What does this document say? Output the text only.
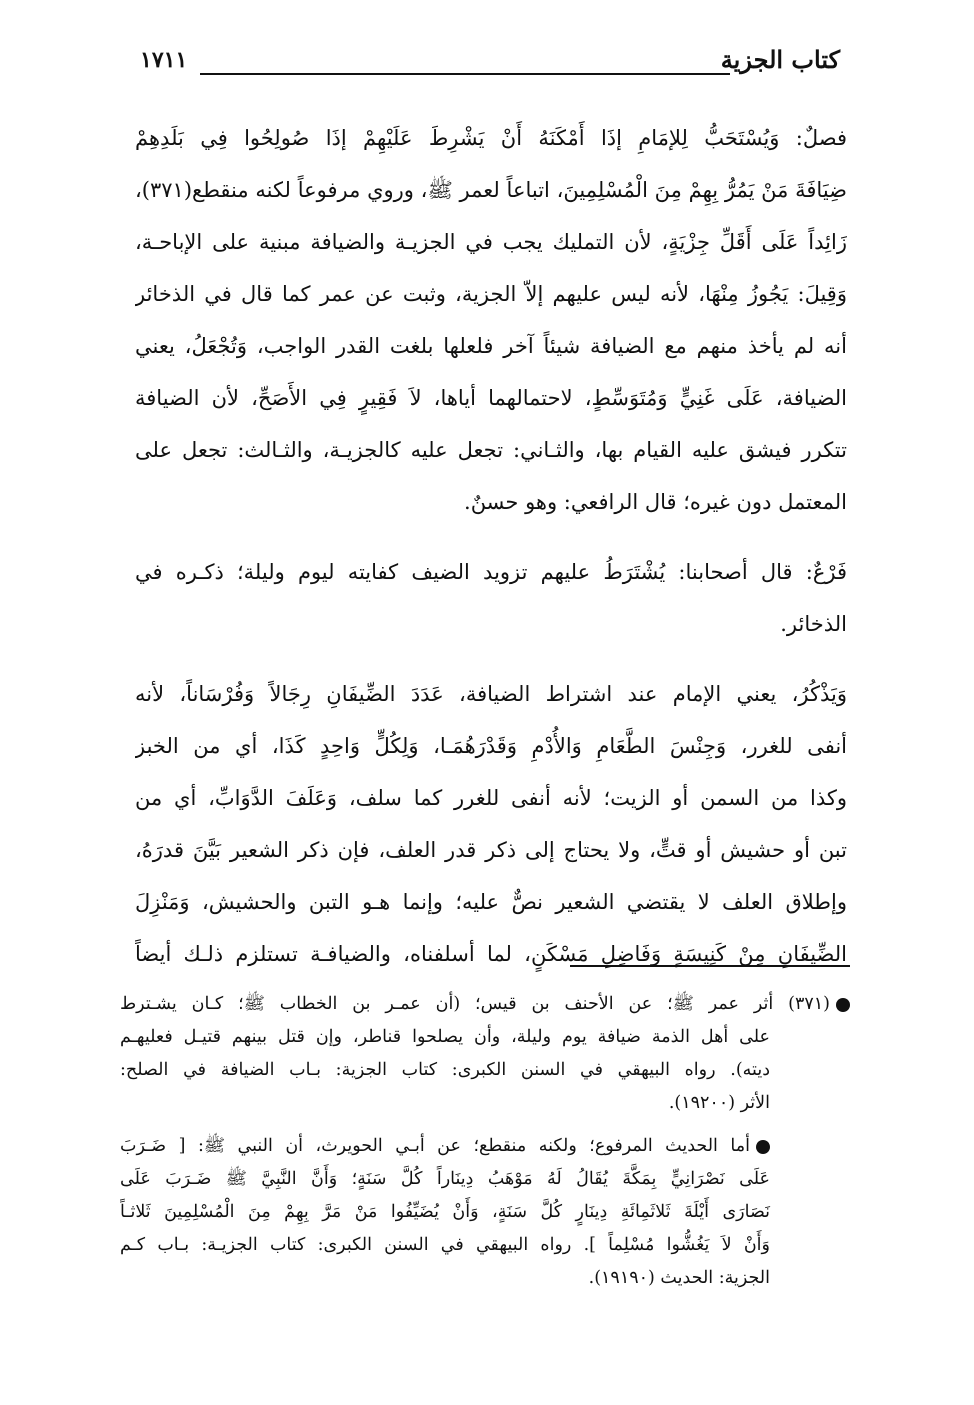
١٧١١	كتاب الجزية
فصلٌ: وَيُسْتَحَبُّ لِلإمَامِ إذَا أَمْكَنَهُ أَنْ يَشْرِطَ عَلَيْهِمْ إذَا صُولِحُوا فِي بَلَدِهِمْ
ضِيَافَةَ مَنْ يَمُرُّ بِهِمْ مِنَ الْمُسْلِمِينَ، اتباعاً لعمر ﷺ، وروي مرفوعاً لكنه منقطع(٣٧١)،
زَائِداً عَلَى أَقَلِّ جِزْيَةٍ، لأن التمليك يجب في الجزيـة والضيافة مبنية على الإباحـة،
وَقِيلَ: يَجُوزُ مِنْهَا، لأنه ليس عليهم إلاّ الجزية، وثبت عن عمر كما قال في الذخائر
أنه لم يأخذ منهم مع الضيافة شيئاً آخر فلعلها بلغت القدر الواجب، وَتُجْعَلُ، يعني
الضيافة، عَلَى غَنِيٍّ وَمُتَوَسِّطٍ، لاحتمالهما أياها، لاَ فَقِيرٍ فِي الأَصَحِّ، لأن الضيافة
تتكرر فيشق عليه القيام بها، والثـاني: تجعل عليه كالجزيـة، والثـالث: تجعل على
المعتمل دون غيره؛ قال الرافعي: وهو حسنٌ.
فَرْعٌ: قال أصحابنا: يُشْتَرَطُ عليهم تزويد الضيف كفايته ليوم وليلة؛ ذكـره في
الذخائر.
وَيَذْكُرُ، يعني الإمام عند اشتراط الضيافة، عَدَدَ الضِّيفَانِ رِجَالاً وَفُرْسَاناً، لأنه
أنفى للغرر، وَجِنْسَ الطَّعَامِ وَالأُدْمِ وَقَدْرَهُمَـا، وَلِكُلٍّ وَاحِدٍ كَذَا، أي من الخبز
وكذا من السمن أو الزيت؛ لأنه أنفى للغرر كما سلف، وَعَلَفَ الدَّوَابِّ، أي من
تبن أو حشيش أو قتٍّ، ولا يحتاج إلى ذكر قدر العلف، فإن ذكر الشعير بَيَّنَ قدرَهُ،
وإطلاق العلف لا يقتضي الشعير نصٌّ عليه؛ وإنما هـو التبن والحشيش، وَمَنْزِلَ
الضِّيفَانِ مِنْ كَنِيسَةٍ وَفَاضِلِ مَسْكَنٍ، لما أسلفناه، والضيافـة تستلزم ذلـك أيضاً
(٣٧١) أثر عمر ﷺ؛ عن الأحنف بن قيس؛ (أن عمـر بن الخطاب ﷺ؛ كـان يشـترط
على أهل الذمة ضيافة يوم وليلة، وأن يصلحوا قناطر، وإن قتل بينهم قتيـل فعليهـم
ديته). رواه البيهقي في السنن الكبرى: كتاب الجزية: بـاب الضيافة في الصلح:
الأثر (١٩٢٠٠).
أما الحديث المرفوع؛ ولكنه منقطع؛ عن أبـي الحويرث، أن النبي ﷺ: [ ضَـرَبَ
عَلَى نَصْرَانِيٍّ بِمَكَّةَ يُقَالُ لَهُ مَوْهَبُ دِينَاراً كُلَّ سَنَةٍ؛ وَأَنَّ النَّبِيَّ ﷺ ضَـرَبَ عَلَى
نَصَارَى أَيْلَةَ ثَلاثَمِائَةِ دِينَارٍ كُلَّ سَنَةٍ، وَأَنْ يُضَيِّفُوا مَنْ مَرَّ بِهِمْ مِنَ الْمُسْلِمِينَ ثَلاثـاً
وَأَنْ لاَ يَغُشُّوا مُسْلِماً ]. رواه البيهقي في السنن الكبرى: كتاب الجزيـة: بـاب كـم
الجزية: الحديث (١٩١٩٠).
